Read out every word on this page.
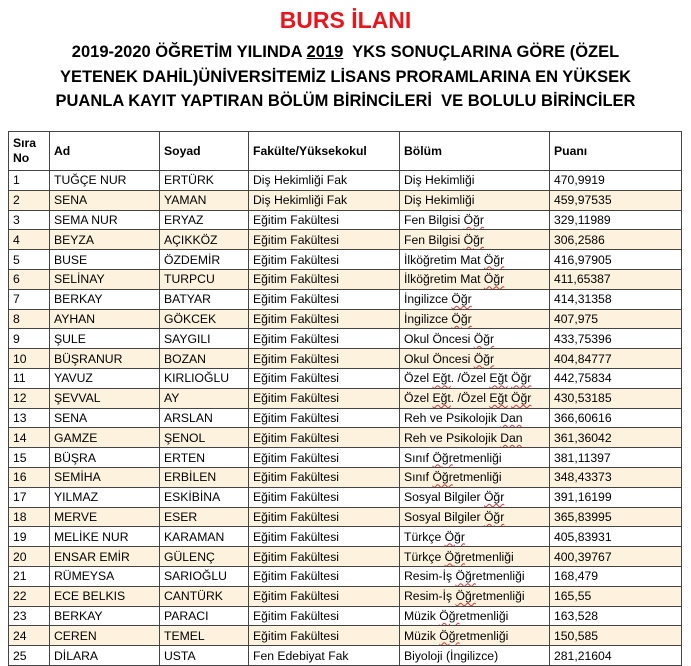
BURS İLANI
2019-2020 ÖĞRETİM YILINDA 2019  YKS SONUÇLARINA GÖRE (ÖZEL
YETENEK DAHİL)ÜNİVERSİTEMİZ LİSANS PRORAMLARINA EN YÜKSEK
PUANLA KAYIT YAPTIRAN BÖLÜM BİRİNCİLERİ  VE BOLULU BİRİNCİLER
Sıra No	Ad	Soyad	Fakülte/Yüksekokul	Bölüm	Puanı
1	TUĞÇE NUR	ERTÜRK	Diş Hekimliği Fak	Diş Hekimliği	470,9919
2	SENA	YAMAN	Diş Hekimliği Fak	Diş Hekimliği	459,97535
3	SEMA NUR	ERYAZ	Eğitim Fakültesi	Fen Bilgisi Öğr	329,11989
4	BEYZA	AÇIKKÖZ	Eğitim Fakültesi	Fen Bilgisi Öğr	306,2586
5	BUSE	ÖZDEMİR	Eğitim Fakültesi	İlköğretim Mat Öğr	416,97905
6	SELİNAY	TURPCU	Eğitim Fakültesi	İlköğretim Mat Öğr	411,65387
7	BERKAY	BATYAR	Eğitim Fakültesi	İngilizce Öğr	414,31358
8	AYHAN	GÖKCEK	Eğitim Fakültesi	İngilizce Öğr	407,975
9	ŞULE	SAYGILI	Eğitim Fakültesi	Okul Öncesi Öğr	433,75396
10	BÜŞRANUR	BOZAN	Eğitim Fakültesi	Okul Öncesi Öğr	404,84777
11	YAVUZ	KIRLIOĞLU	Eğitim Fakültesi	Özel Eğt. /Özel Eğt Öğr	442,75834
12	ŞEVVAL	AY	Eğitim Fakültesi	Özel Eğt. /Özel Eğt Öğr	430,53185
13	SENA	ARSLAN	Eğitim Fakültesi	Reh ve Psikolojik Dan	366,60616
14	GAMZE	ŞENOL	Eğitim Fakültesi	Reh ve Psikolojik Dan	361,36042
15	BÜŞRA	ERTEN	Eğitim Fakültesi	Sınıf Öğretmenliği	381,11397
16	SEMİHA	ERBİLEN	Eğitim Fakültesi	Sınıf Öğretmenliği	348,43373
17	YILMAZ	ESKİBİNA	Eğitim Fakültesi	Sosyal Bilgiler Öğr	391,16199
18	MERVE	ESER	Eğitim Fakültesi	Sosyal Bilgiler Öğr	365,83995
19	MELİKE NUR	KARAMAN	Eğitim Fakültesi	Türkçe Öğr	405,83931
20	ENSAR EMİR	GÜLENÇ	Eğitim Fakültesi	Türkçe Öğretmenliği	400,39767
21	RÜMEYSA	SARIOĞLU	Eğitim Fakültesi	Resim-İş Öğretmenliği	168,479
22	ECE BELKIS	CANTÜRK	Eğitim Fakültesi	Resim-İş Öğretmenliği	165,55
23	BERKAY	PARACI	Eğitim Fakültesi	Müzik Öğretmenliği	163,528
24	CEREN	TEMEL	Eğitim Fakültesi	Müzik Öğretmenliği	150,585
25	DİLARA	USTA	Fen Edebiyat Fak	Biyoloji (İngilizce)	281,21604
